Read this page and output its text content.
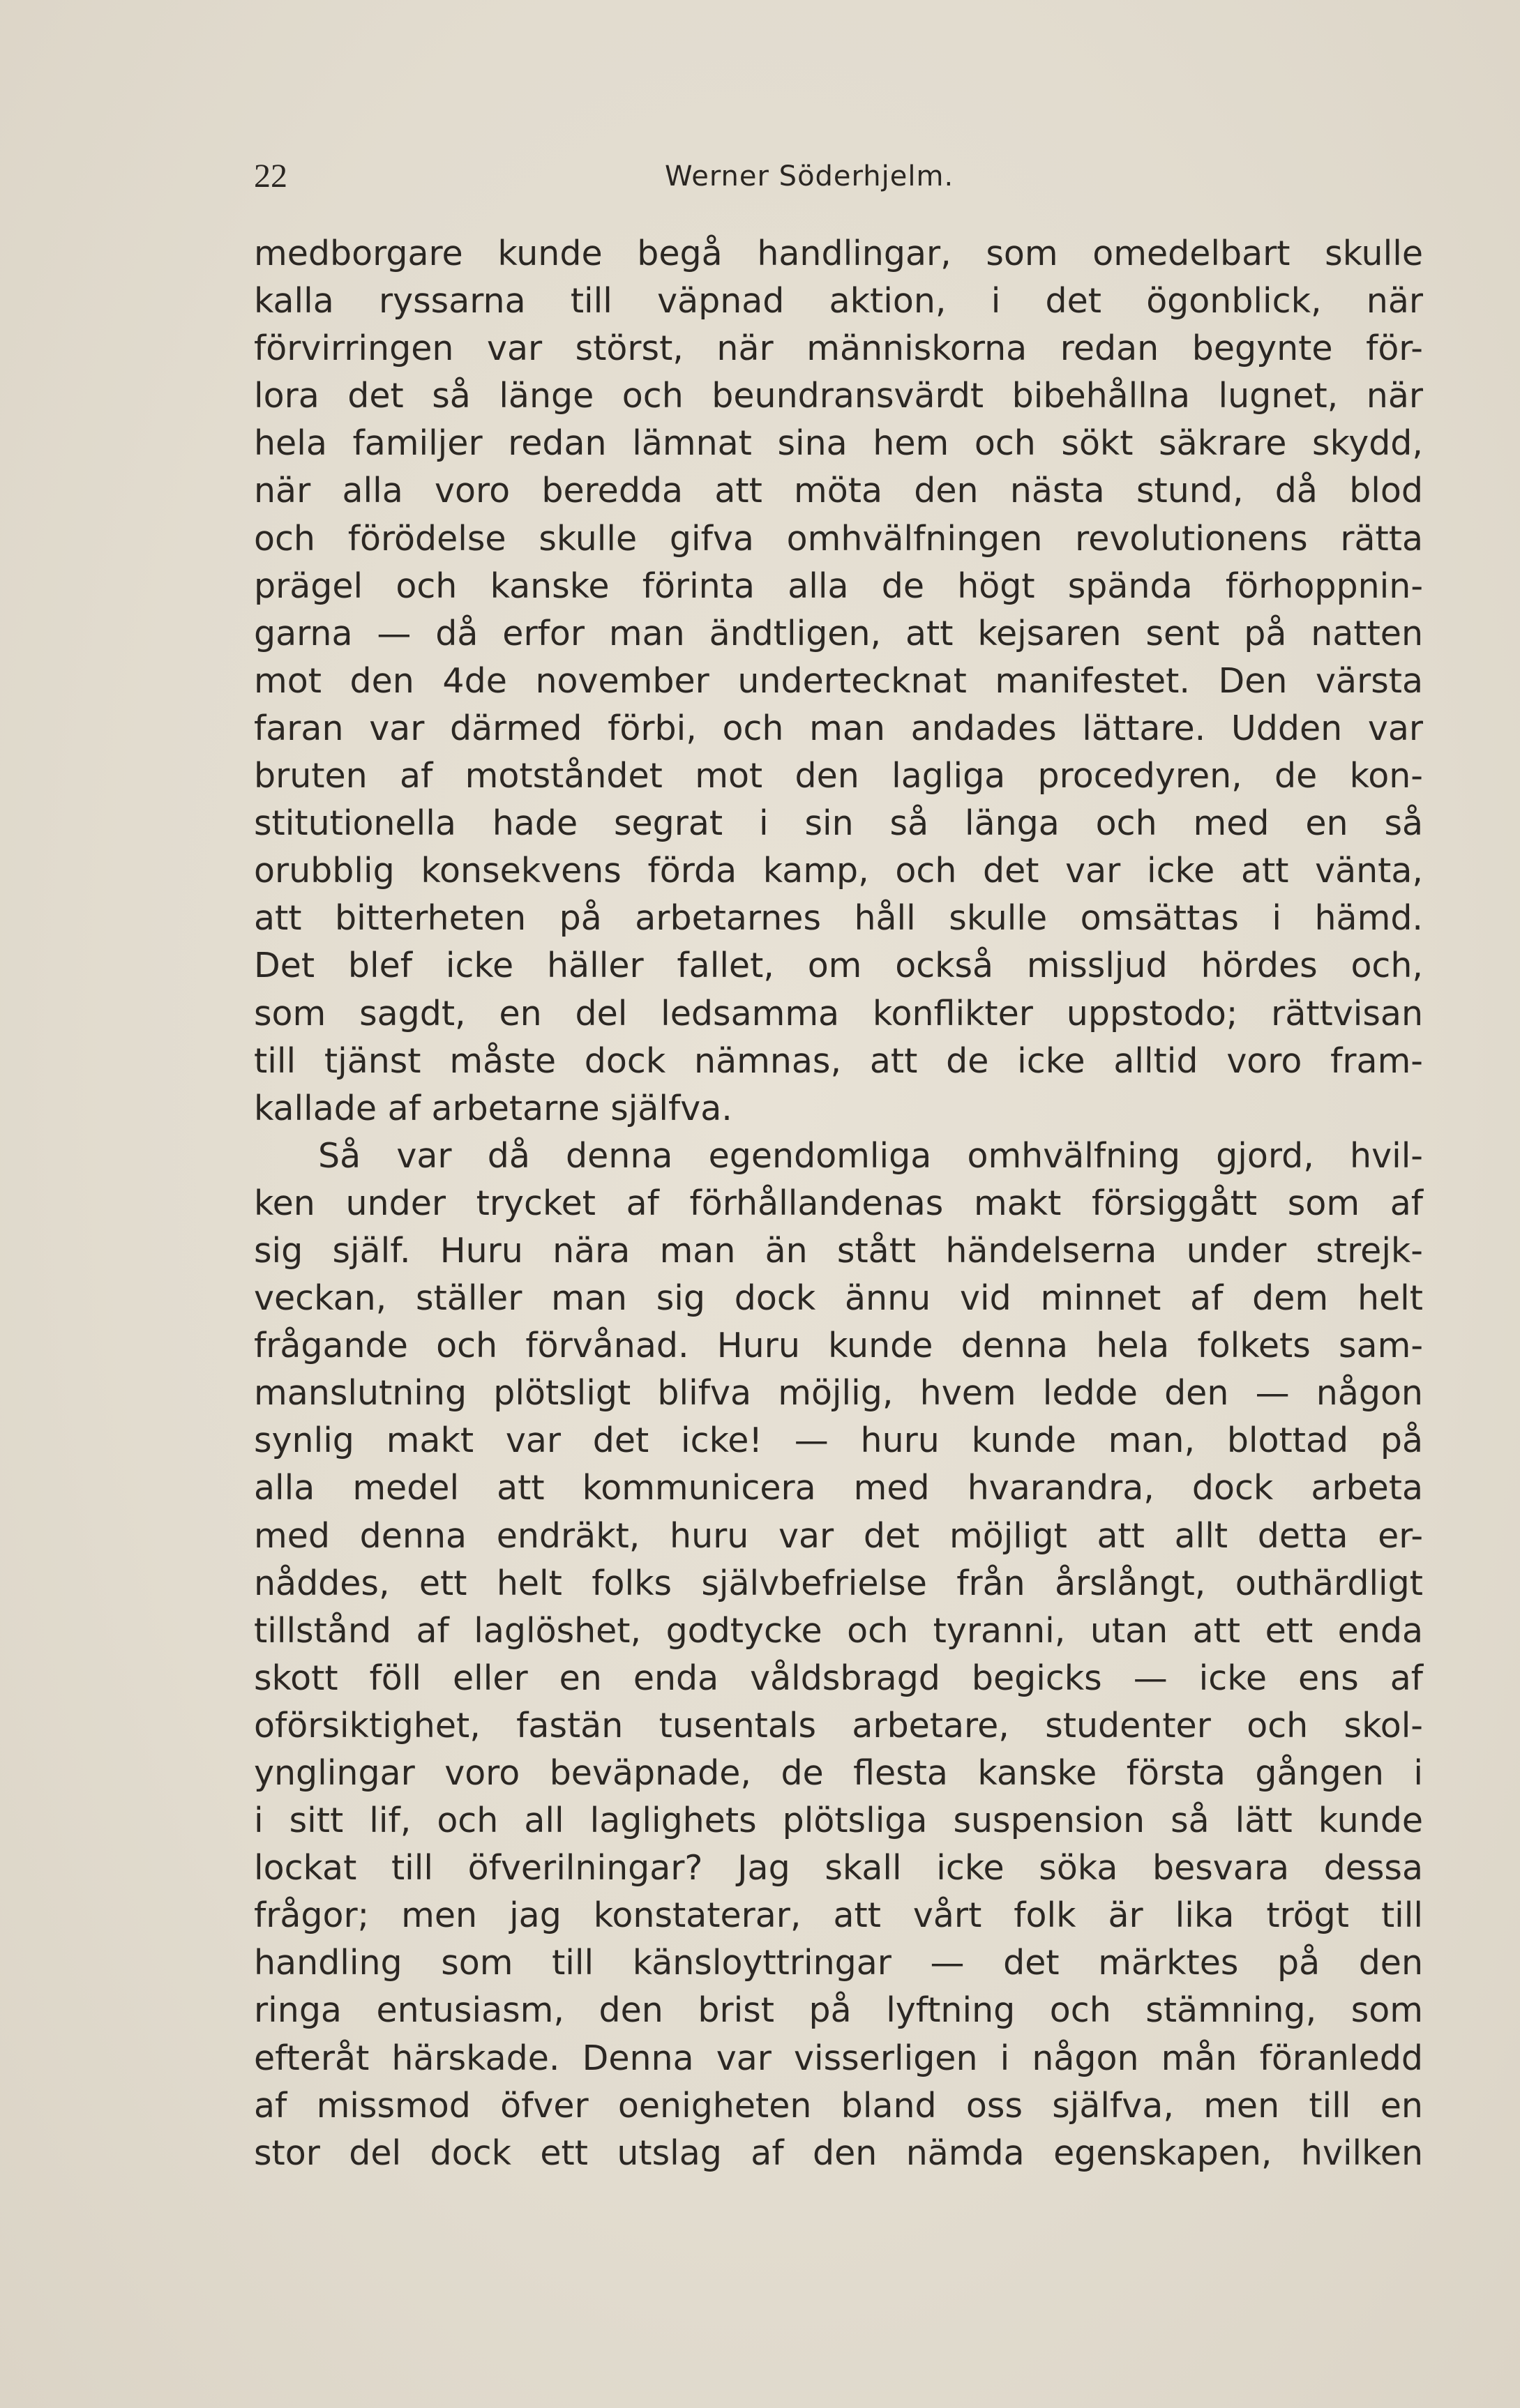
22	Werner Söderhjelm.
medborgare kunde begå handlingar, som omedelbart skulle
kalla ryssarna till väpnad aktion, i det ögonblick, när
förvirringen var störst, när människorna redan begynte för-
lora det så länge och beundransvärdt bibehållna lugnet, när
hela familjer redan lämnat sina hem och sökt säkrare skydd,
när alla voro beredda att möta den nästa stund, då blod
och förödelse skulle gifva omhvälfningen revolutionens rätta
prägel och kanske förinta alla de högt spända förhoppnin-
garna — då erfor man ändtligen, att kejsaren sent på natten
mot den 4de november undertecknat manifestet. Den värsta
faran var därmed förbi, och man andades lättare. Udden var
bruten af motståndet mot den lagliga procedyren, de kon-
stitutionella hade segrat i sin så länga och med en så
orubblig konsekvens förda kamp, och det var icke att vänta,
att bitterheten på arbetarnes håll skulle omsättas i hämd.
Det blef icke häller fallet, om också missljud hördes och,
som sagdt, en del ledsamma konflikter uppstodo; rättvisan
till tjänst måste dock nämnas, att de icke alltid voro fram-
kallade af arbetarne själfva.
Så var då denna egendomliga omhvälfning gjord, hvil-
ken under trycket af förhållandenas makt försiggått som af
sig själf. Huru nära man än stått händelserna under strejk-
veckan, ställer man sig dock ännu vid minnet af dem helt
frågande och förvånad. Huru kunde denna hela folkets sam-
manslutning plötsligt blifva möjlig, hvem ledde den — någon
synlig makt var det icke! — huru kunde man, blottad på
alla medel att kommunicera med hvarandra, dock arbeta
med denna endräkt, huru var det möjligt att allt detta er-
nåddes, ett helt folks självbefrielse från årslångt, outhärdligt
tillstånd af laglöshet, godtycke och tyranni, utan att ett enda
skott föll eller en enda våldsbragd begicks — icke ens af
oförsiktighet, fastän tusentals arbetare, studenter och skol-
ynglingar voro beväpnade, de flesta kanske första gången i
i sitt lif, och all laglighets plötsliga suspension så lätt kunde
lockat till öfverilningar? Jag skall icke söka besvara dessa
frågor; men jag konstaterar, att vårt folk är lika trögt till
handling som till känsloyttringar — det märktes på den
ringa entusiasm, den brist på lyftning och stämning, som
efteråt härskade. Denna var visserligen i någon mån föranledd
af missmod öfver oenigheten bland oss själfva, men till en
stor del dock ett utslag af den nämda egenskapen, hvilken
